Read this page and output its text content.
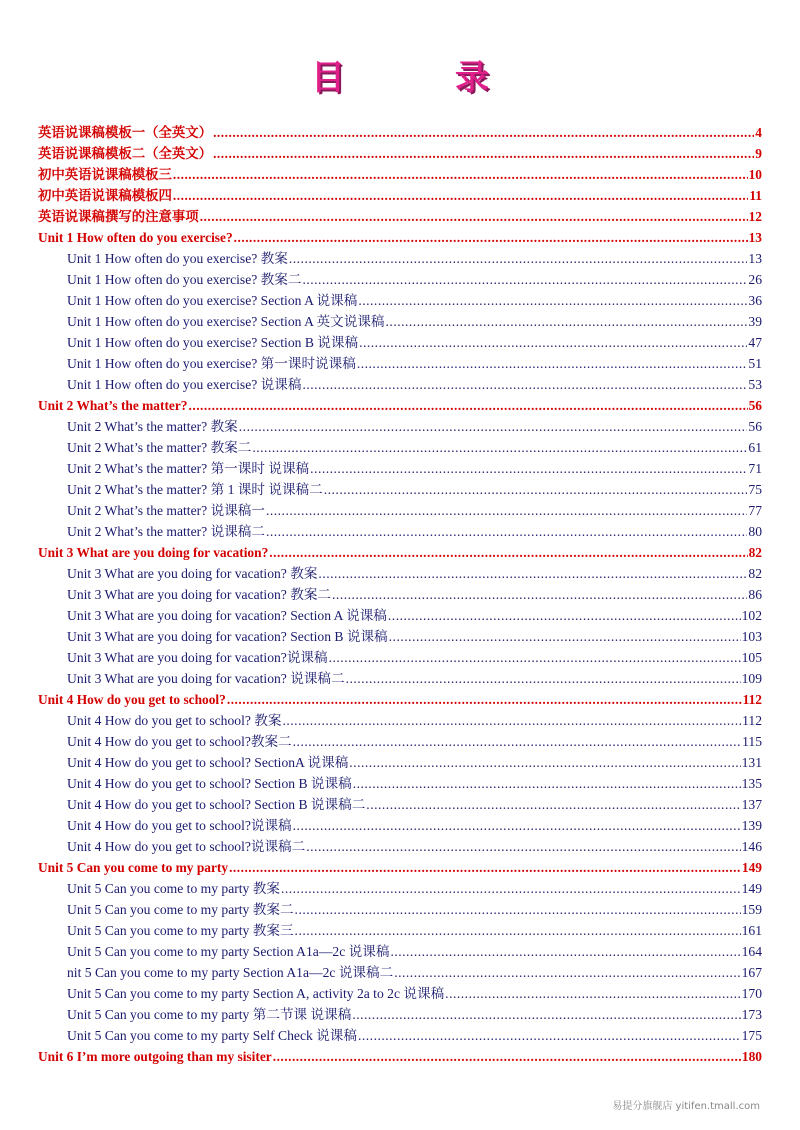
目　录
英语说课稿模板一（全英文） .....	4
英语说课稿模板二（全英文） .....	9
初中英语说课稿模板三 .....	10
初中英语说课稿模板四 .....	11
英语说课稿撰写的注意事项 .....	12
Unit 1 How often do you exercise? .....	13
Unit 1 How often do you exercise? 教案 .....	13
Unit 1 How often do you exercise? 教案二 .....	26
Unit 1 How often do you exercise? Section A 说课稿 .....	36
Unit 1 How often do you exercise? Section A 英文说课稿 .....	39
Unit 1 How often do you exercise? Section B 说课稿 .....	47
Unit 1 How often do you exercise? 第一课时说课稿 .....	51
Unit 1 How often do you exercise? 说课稿 .....	53
Unit 2 What’s the matter? .....	56
Unit 2 What’s the matter? 教案 .....	56
Unit 2 What’s the matter? 教案二 .....	61
Unit 2 What’s the matter? 第一课时 说课稿 .....	71
Unit 2 What’s the matter? 第 1 课时 说课稿二 .....	75
Unit 2 What’s the matter? 说课稿一 .....	77
Unit 2 What’s the matter? 说课稿二 .....	80
Unit 3 What are you doing for vacation? .....	82
Unit 3 What are you doing for vacation? 教案 .....	82
Unit 3 What are you doing for vacation? 教案二 .....	86
Unit 3 What are you doing for vacation? Section A 说课稿 .....	102
Unit 3 What are you doing for vacation? Section B 说课稿 .....	103
Unit 3 What are you doing for vacation?说课稿 .....	105
Unit 3 What are you doing for vacation? 说课稿二 .....	109
Unit 4 How do you get to school? .....	112
Unit 4 How do you get to school? 教案 .....	112
Unit 4 How do you get to school?教案二 .....	115
Unit 4 How do you get to school? SectionA 说课稿 .....	131
Unit 4 How do you get to school? Section B 说课稿 .....	135
Unit 4 How do you get to school? Section B 说课稿二 .....	137
Unit 4 How do you get to school?说课稿 .....	139
Unit 4 How do you get to school?说课稿二 .....	146
Unit 5 Can you come to my party .....	149
Unit 5 Can you come to my party 教案 .....	149
Unit 5 Can you come to my party 教案二 .....	159
Unit 5 Can you come to my party 教案三 .....	161
Unit 5 Can you come to my party Section A1a—2c 说课稿 .....	164
nit 5 Can you come to my party Section A1a—2c 说课稿二 .....	167
Unit 5 Can you come to my party Section A, activity 2a to 2c 说课稿 .....	170
Unit 5 Can you come to my party 第二节课 说课稿 .....	173
Unit 5 Can you come to my party Self Check 说课稿 .....	175
Unit 6 I’m more outgoing than my sisiter .....	180
易提分旗舰店 yitifen.tmall.com
